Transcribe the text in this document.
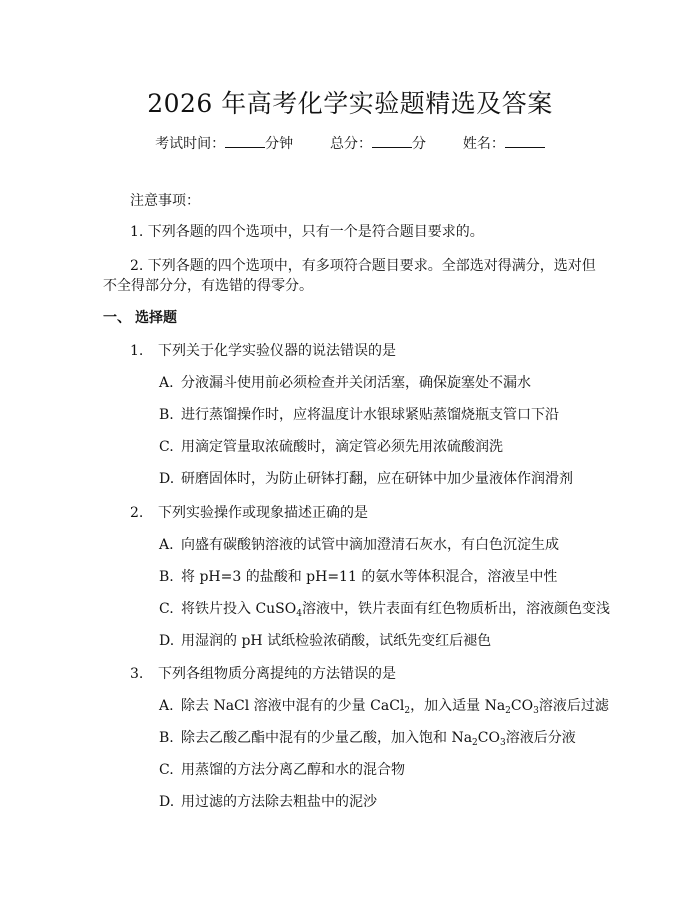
2026 年高考化学实验题精选及答案
考试时间：	分钟	总分：	分	姓名：
注意事项：
1. 下列各题的四个选项中，只有一个是符合题目要求的。
2. 下列各题的四个选项中，有多项符合题目要求。全部选对得满分，选对但
不全得部分分，有选错的得零分。
一、 选择题
1. 下列关于化学实验仪器的说法错误的是
A. 分液漏斗使用前必须检查并关闭活塞，确保旋塞处不漏水
B. 进行蒸馏操作时，应将温度计水银球紧贴蒸馏烧瓶支管口下沿
C. 用滴定管量取浓硫酸时，滴定管必须先用浓硫酸润洗
D. 研磨固体时，为防止研钵打翻，应在研钵中加少量液体作润滑剂
2. 下列实验操作或现象描述正确的是
A. 向盛有碳酸钠溶液的试管中滴加澄清石灰水，有白色沉淀生成
B. 将 pH=3 的盐酸和 pH=11 的氨水等体积混合，溶液呈中性
C. 将铁片投入 CuSO$_4$溶液中，铁片表面有红色物质析出，溶液颜色变浅
D. 用湿润的 pH 试纸检验浓硝酸，试纸先变红后褪色
3. 下列各组物质分离提纯的方法错误的是
A. 除去 NaCl 溶液中混有的少量 CaCl$_2$，加入适量 $Na_2CO_3$溶液后过滤
B. 除去乙酸乙酯中混有的少量乙酸，加入饱和 $Na_2CO_3$溶液后分液
C. 用蒸馏的方法分离乙醇和水的混合物
D. 用过滤的方法除去粗盐中的泥沙
